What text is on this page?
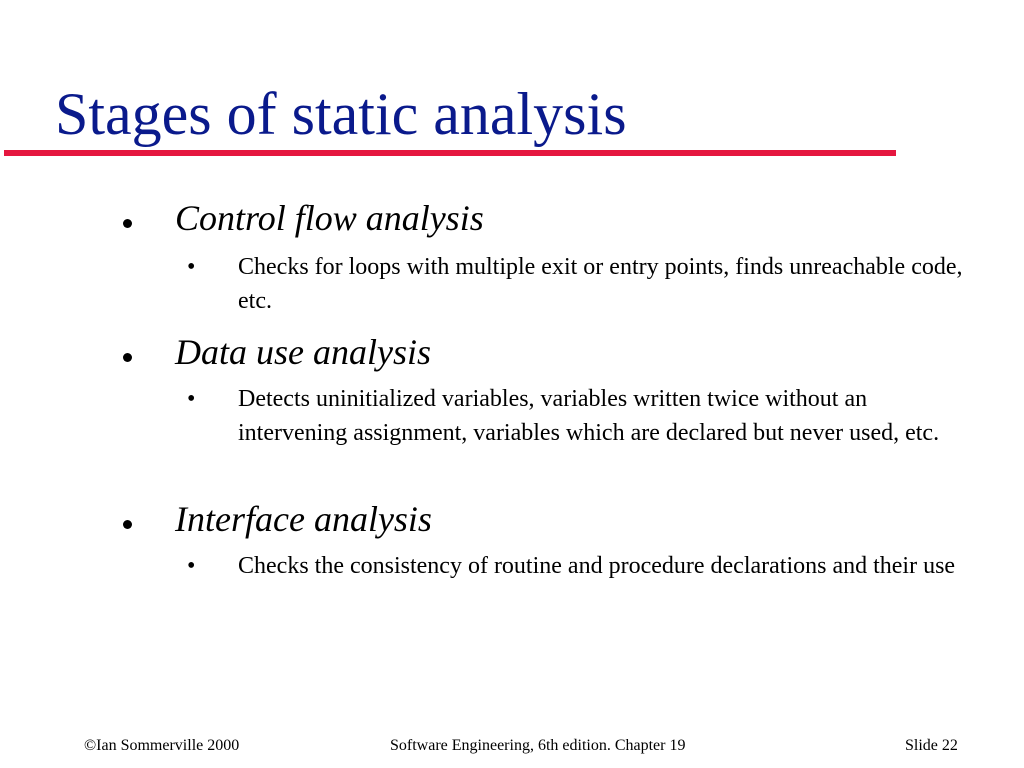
Stages of static analysis
Control flow analysis
• Checks for loops with multiple exit or entry points, finds unreachable code, etc.
Data use analysis
• Detects uninitialized variables, variables written twice without an intervening assignment, variables which are declared but never used, etc.
Interface analysis
• Checks the consistency of routine and procedure declarations and their use
©Ian Sommerville 2000	Software Engineering, 6th edition. Chapter 19	Slide 22
